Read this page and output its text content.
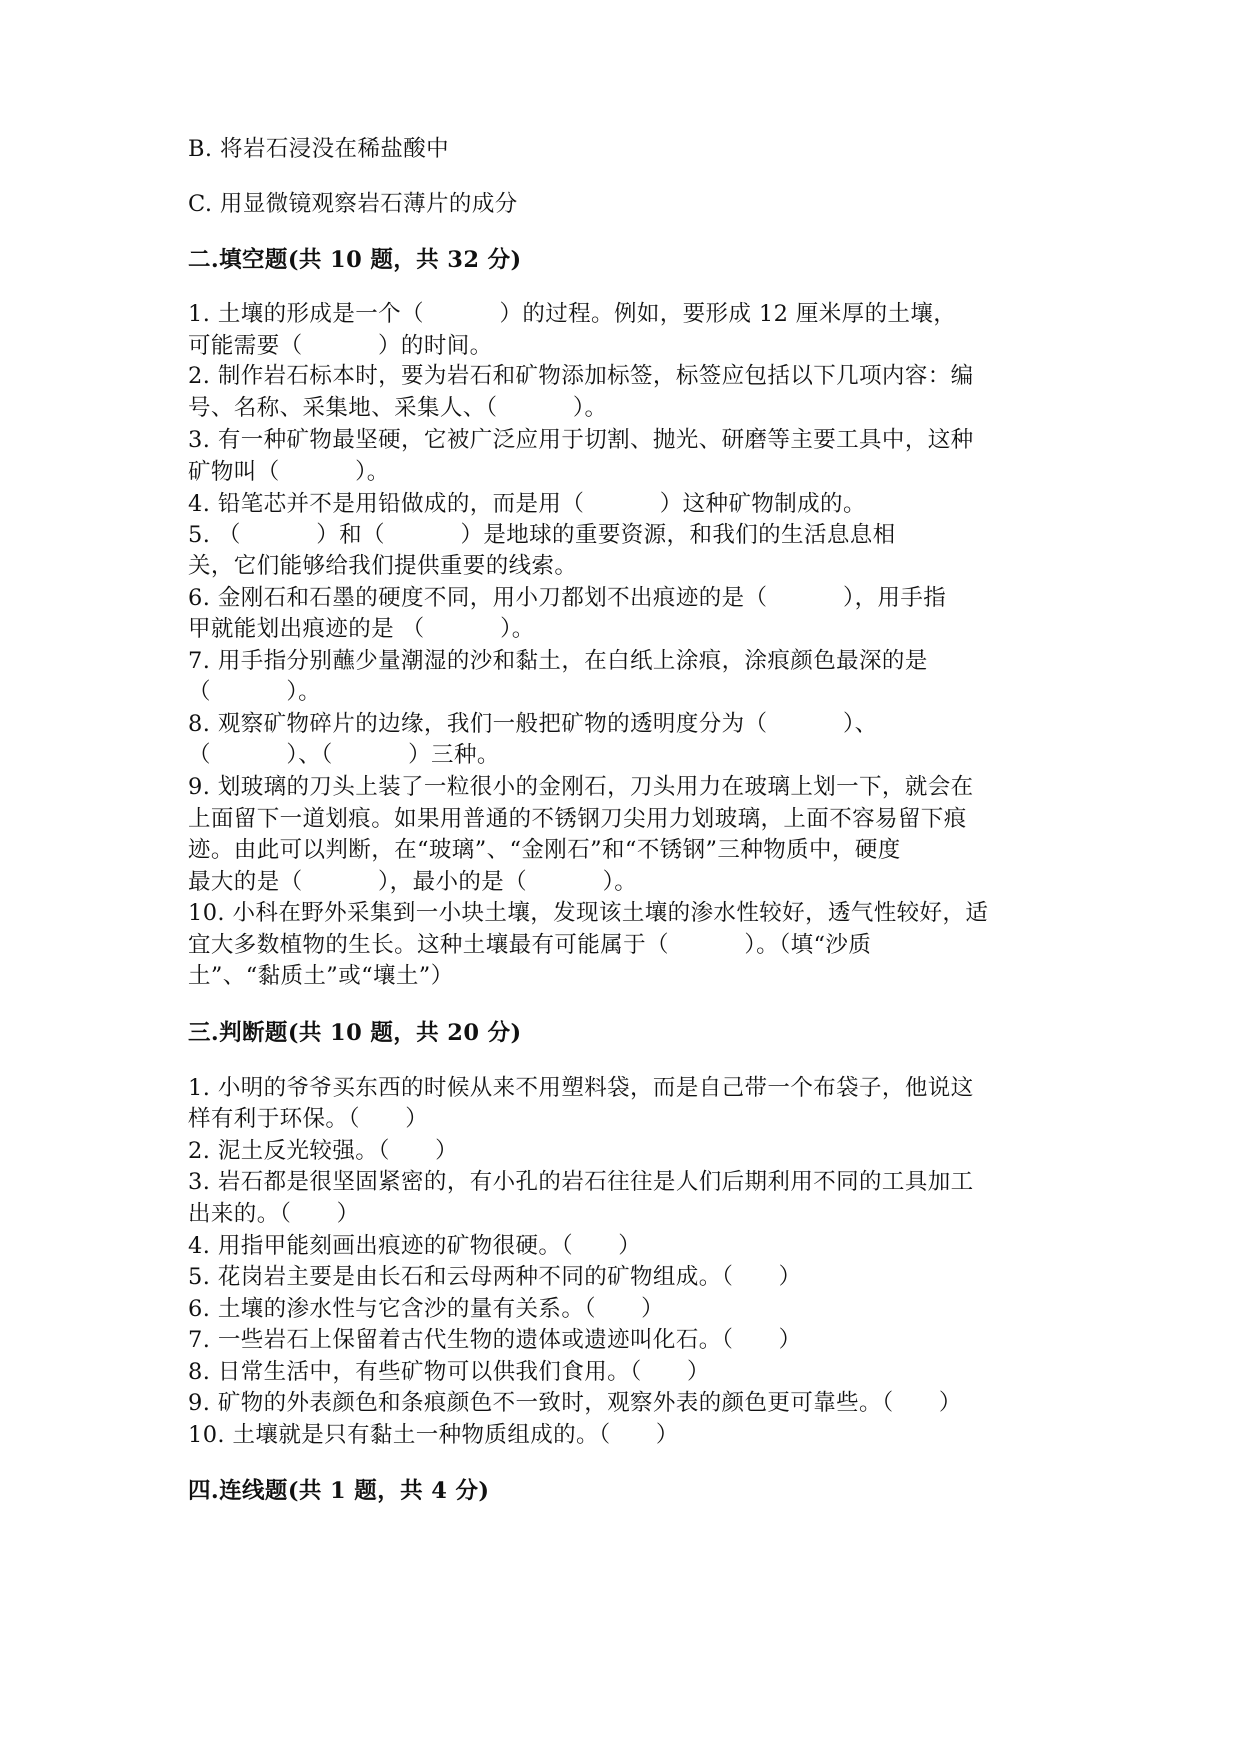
B. 将岩石浸没在稀盐酸中
C. 用显微镜观察岩石薄片的成分
二.填空题(共 10 题，共 32 分)
1. 土壤的形成是一个（          ）的过程。例如，要形成 12 厘米厚的土壤，
可能需要（          ）的时间。
2. 制作岩石标本时，要为岩石和矿物添加标签，标签应包括以下几项内容：编
号、名称、采集地、采集人、（          ）。
3. 有一种矿物最坚硬，它被广泛应用于切割、抛光、研磨等主要工具中，这种
矿物叫（          ）。
4. 铅笔芯并不是用铅做成的，而是用（          ）这种矿物制成的。
5. （          ）和（          ）是地球的重要资源，和我们的生活息息相
关，它们能够给我们提供重要的线索。
6. 金刚石和石墨的硬度不同，用小刀都划不出痕迹的是（          ），用手指
甲就能划出痕迹的是 （          ）。
7. 用手指分别蘸少量潮湿的沙和黏土，在白纸上涂痕，涂痕颜色最深的是
（          ）。
8. 观察矿物碎片的边缘，我们一般把矿物的透明度分为（          ）、
（          ）、（          ）三种。
9. 划玻璃的刀头上装了一粒很小的金刚石，刀头用力在玻璃上划一下，就会在
上面留下一道划痕。如果用普通的不锈钢刀尖用力划玻璃，上面不容易留下痕
迹。由此可以判断，在“玻璃”、“金刚石”和“不锈钢”三种物质中，硬度
最大的是（          ），最小的是（          ）。
10. 小科在野外采集到一小块土壤，发现该土壤的渗水性较好，透气性较好，适
宜大多数植物的生长。这种土壤最有可能属于（          ）。（填“沙质
土”、“黏质土”或“壤土”）
三.判断题(共 10 题，共 20 分)
1. 小明的爷爷买东西的时候从来不用塑料袋，而是自己带一个布袋子，他说这
样有利于环保。（      ）
2. 泥土反光较强。（      ）
3. 岩石都是很坚固紧密的，有小孔的岩石往往是人们后期利用不同的工具加工
出来的。（      ）
4. 用指甲能刻画出痕迹的矿物很硬。（      ）
5. 花岗岩主要是由长石和云母两种不同的矿物组成。（      ）
6. 土壤的渗水性与它含沙的量有关系。（      ）
7. 一些岩石上保留着古代生物的遗体或遗迹叫化石。（      ）
8. 日常生活中，有些矿物可以供我们食用。（      ）
9. 矿物的外表颜色和条痕颜色不一致时，观察外表的颜色更可靠些。（      ）
10. 土壤就是只有黏土一种物质组成的。（      ）
四.连线题(共 1 题，共 4 分)
